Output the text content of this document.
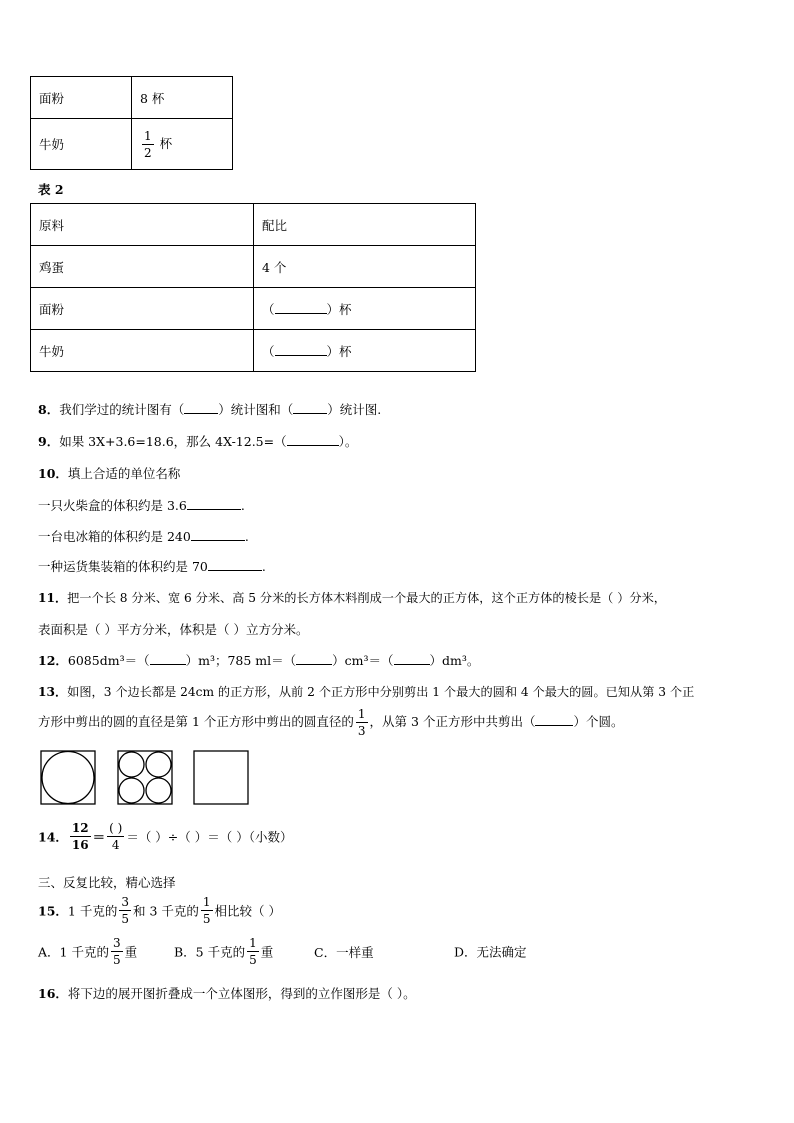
面粉	8 杯
牛奶	$\frac{1}{2}$ 杯
表 2
原料	配比
鸡蛋	4 个
面粉	（ ）杯
牛奶	（ ）杯
8．我们学过的统计图有（	）统计图和（	）统计图.
9．如果 3X+3.6=18.6，那么 4X-12.5=（	）。
10．填上合适的单位名称
一只火柴盒的体积约是 3.6	.
一台电冰箱的体积约是 240	.
一种运货集装箱的体积约是 70	.
11．把一个长 8 分米、宽 6 分米、高 5 分米的长方体木料削成一个最大的正方体，这个正方体的棱长是（ ）分米，
表面积是（ ）平方分米，体积是（ ）立方分米。
12．6085dm³＝（	）m³；785 ml＝（	）cm³＝（	）dm³。
13．如图，3 个边长都是 24cm 的正方形，从前 2 个正方形中分别剪出 1 个最大的圆和 4 个最大的圆。已知从第 3 个正
方形中剪出的圆的直径是第 1 个正方形中剪出的圆直径的 $\frac{1}{3}$ ，从第 3 个正方形中共剪出（	）个圆。
14． $\frac{12}{16} = \frac{( )}{4}$ ＝（ ）÷（ ）＝（ ）（小数）
三、反复比较，精心选择
15．1 千克的 $\frac{3}{5}$ 和 3 千克的 $\frac{1}{5}$ 相比较（ ）
A．1 千克的 $\frac{3}{5}$ 重	B．5 千克的 $\frac{1}{5}$ 重	C．一样重	D．无法确定
16．将下边的展开图折叠成一个立体图形，得到的立作图形是（ ）。
